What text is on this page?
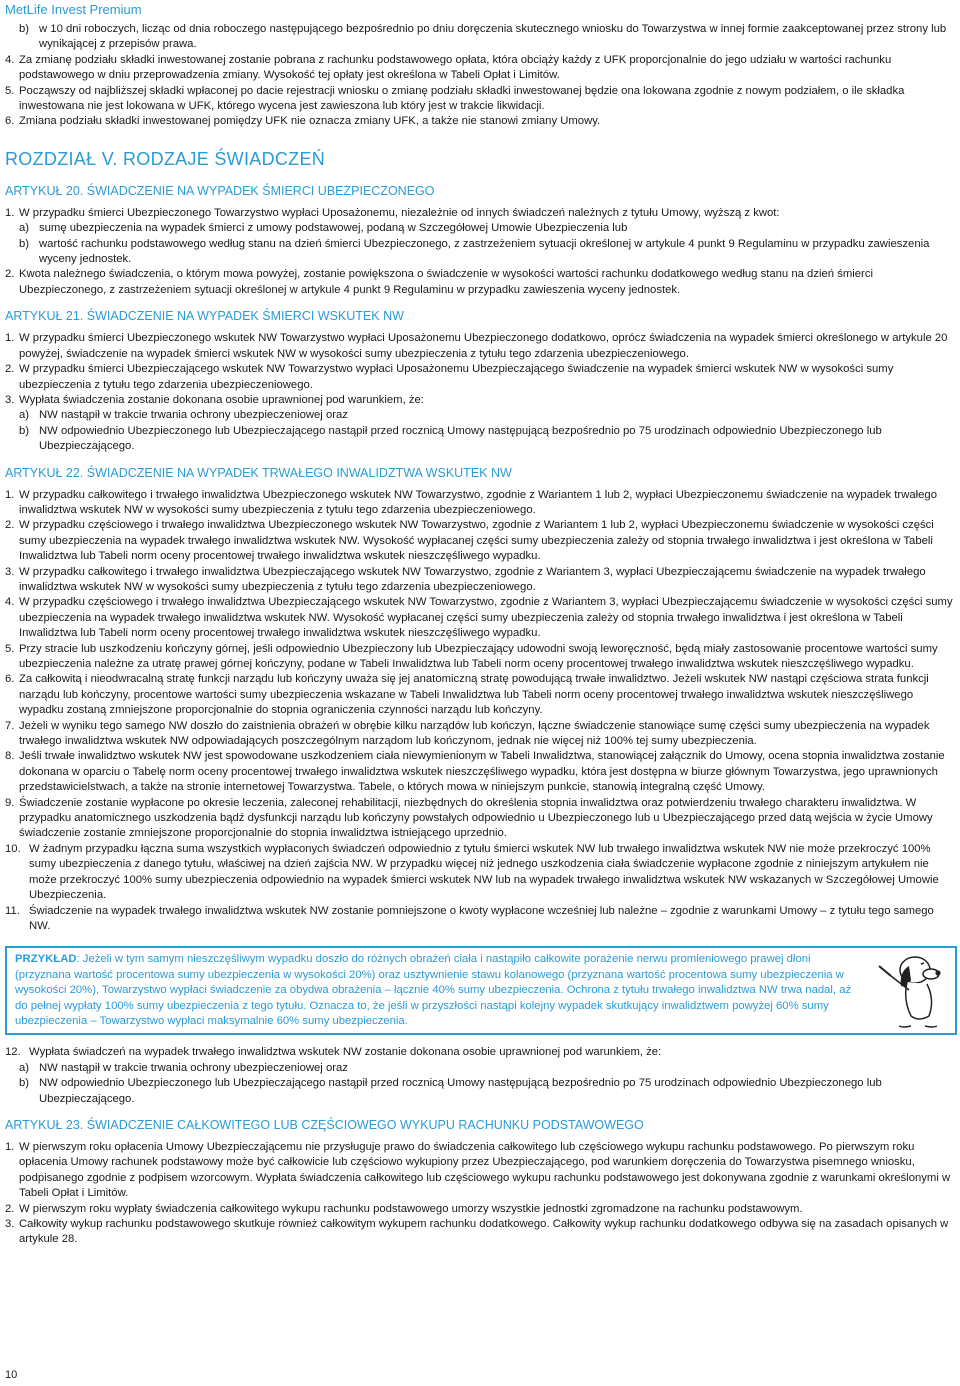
MetLife Invest Premium
b) w 10 dni roboczych, licząc od dnia roboczego następującego bezpośrednio po dniu doręczenia skutecznego wniosku do Towarzystwa w innej formie zaakceptowanej przez strony lub wynikającej z przepisów prawa.
4. Za zmianę podziału składki inwestowanej zostanie pobrana z rachunku podstawowego opłata, która obciąży każdy z UFK proporcjonalnie do jego udziału w wartości rachunku podstawowego w dniu przeprowadzenia zmiany. Wysokość tej opłaty jest określona w Tabeli Opłat i Limitów.
5. Począwszy od najbliższej składki wpłaconej po dacie rejestracji wniosku o zmianę podziału składki inwestowanej będzie ona lokowana zgodnie z nowym podziałem, o ile składka inwestowana nie jest lokowana w UFK, którego wycena jest zawieszona lub który jest w trakcie likwidacji.
6. Zmiana podziału składki inwestowanej pomiędzy UFK nie oznacza zmiany UFK, a także nie stanowi zmiany Umowy.
ROZDZIAŁ V. RODZAJE ŚWIADCZEŃ
ARTYKUŁ 20. ŚWIADCZENIE NA WYPADEK ŚMIERCI UBEZPIECZONEGO
1. W przypadku śmierci Ubezpieczonego Towarzystwo wypłaci Uposażonemu, niezależnie od innych świadczeń należnych z tytułu Umowy, wyższą z kwot:
a) sumę ubezpieczenia na wypadek śmierci z umowy podstawowej, podaną w Szczegółowej Umowie Ubezpieczenia lub
b) wartość rachunku podstawowego według stanu na dzień śmierci Ubezpieczonego, z zastrzeżeniem sytuacji określonej w artykule 4 punkt 9 Regulaminu w przypadku zawieszenia wyceny jednostek.
2. Kwota należnego świadczenia, o którym mowa powyżej, zostanie powiększona o świadczenie w wysokości wartości rachunku dodatkowego według stanu na dzień śmierci Ubezpieczonego, z zastrzeżeniem sytuacji określonej w artykule 4 punkt 9 Regulaminu w przypadku zawieszenia wyceny jednostek.
ARTYKUŁ 21. ŚWIADCZENIE NA WYPADEK ŚMIERCI WSKUTEK NW
1. W przypadku śmierci Ubezpieczonego wskutek NW Towarzystwo wypłaci Uposażonemu Ubezpieczonego dodatkowo, oprócz świadczenia na wypadek śmierci określonego w artykule 20 powyżej, świadczenie na wypadek śmierci wskutek NW w wysokości sumy ubezpieczenia z tytułu tego zdarzenia ubezpieczeniowego.
2. W przypadku śmierci Ubezpieczającego wskutek NW Towarzystwo wypłaci Uposażonemu Ubezpieczającego świadczenie na wypadek śmierci wskutek NW w wysokości sumy ubezpieczenia z tytułu tego zdarzenia ubezpieczeniowego.
3. Wypłata świadczenia zostanie dokonana osobie uprawnionej pod warunkiem, że:
a) NW nastąpił w trakcie trwania ochrony ubezpieczeniowej oraz
b) NW odpowiednio Ubezpieczonego lub Ubezpieczającego nastąpił przed rocznicą Umowy następującą bezpośrednio po 75 urodzinach odpowiednio Ubezpieczonego lub Ubezpieczającego.
ARTYKUŁ 22. ŚWIADCZENIE NA WYPADEK TRWAŁEGO INWALIDZTWA WSKUTEK NW
1. W przypadku całkowitego i trwałego inwalidztwa Ubezpieczonego wskutek NW Towarzystwo, zgodnie z Wariantem 1 lub 2, wypłaci Ubezpieczonemu świadczenie na wypadek trwałego inwalidztwa wskutek NW w wysokości sumy ubezpieczenia z tytułu tego zdarzenia ubezpieczeniowego.
2. W przypadku częściowego i trwałego inwalidztwa Ubezpieczonego wskutek NW Towarzystwo, zgodnie z Wariantem 1 lub 2, wypłaci Ubezpieczonemu świadczenie w wysokości części sumy ubezpieczenia na wypadek trwałego inwalidztwa wskutek NW. Wysokość wypłacanej części sumy ubezpieczenia zależy od stopnia trwałego inwalidztwa i jest określona w Tabeli Inwalidztwa lub Tabeli norm oceny procentowej trwałego inwalidztwa wskutek nieszczęśliwego wypadku.
3. W przypadku całkowitego i trwałego inwalidztwa Ubezpieczającego wskutek NW Towarzystwo, zgodnie z Wariantem 3, wypłaci Ubezpieczającemu świadczenie na wypadek trwałego inwalidztwa wskutek NW w wysokości sumy ubezpieczenia z tytułu tego zdarzenia ubezpieczeniowego.
4. W przypadku częściowego i trwałego inwalidztwa Ubezpieczającego wskutek NW Towarzystwo, zgodnie z Wariantem 3, wypłaci Ubezpieczającemu świadczenie w wysokości części sumy ubezpieczenia na wypadek trwałego inwalidztwa wskutek NW. Wysokość wypłacanej części sumy ubezpieczenia zależy od stopnia trwałego inwalidztwa i jest określona w Tabeli Inwalidztwa lub Tabeli norm oceny procentowej trwałego inwalidztwa wskutek nieszczęśliwego wypadku.
5. Przy stracie lub uszkodzeniu kończyny górnej, jeśli odpowiednio Ubezpieczony lub Ubezpieczający udowodni swoją leworęczność, będą miały zastosowanie procentowe wartości sumy ubezpieczenia należne za utratę prawej górnej kończyny, podane w Tabeli Inwalidztwa lub Tabeli norm oceny procentowej trwałego inwalidztwa wskutek nieszczęśliwego wypadku.
6. Za całkowitą i nieodwracalną stratę funkcji narządu lub kończyny uważa się jej anatomiczną stratę powodującą trwałe inwalidztwo. Jeżeli wskutek NW nastąpi częściowa strata funkcji narządu lub kończyny, procentowe wartości sumy ubezpieczenia wskazane w Tabeli Inwalidztwa lub Tabeli norm oceny procentowej trwałego inwalidztwa wskutek nieszczęśliwego wypadku zostaną zmniejszone proporcjonalnie do stopnia ograniczenia czynności narządu lub kończyny.
7. Jeżeli w wyniku tego samego NW doszło do zaistnienia obrażeń w obrębie kilku narządów lub kończyn, łączne świadczenie stanowiące sumę części sumy ubezpieczenia na wypadek trwałego inwalidztwa wskutek NW odpowiadających poszczególnym narządom lub kończynom, jednak nie więcej niż 100% tej sumy ubezpieczenia.
8. Jeśli trwałe inwalidztwo wskutek NW jest spowodowane uszkodzeniem ciała niewymienionym w Tabeli Inwalidztwa, stanowiącej załącznik do Umowy, ocena stopnia inwalidztwa zostanie dokonana w oparciu o Tabelę norm oceny procentowej trwałego inwalidztwa wskutek nieszczęśliwego wypadku, która jest dostępna w biurze głównym Towarzystwa, jego uprawnionych przedstawicielstwach, a także na stronie internetowej Towarzystwa. Tabele, o których mowa w niniejszym punkcie, stanowią integralną część Umowy.
9. Świadczenie zostanie wypłacone po okresie leczenia, zaleconej rehabilitacji, niezbędnych do określenia stopnia inwalidztwa oraz potwierdzeniu trwałego charakteru inwalidztwa. W przypadku anatomicznego uszkodzenia bądź dysfunkcji narządu lub kończyny powstałych odpowiednio u Ubezpieczonego lub u Ubezpieczającego przed datą wejścia w życie Umowy świadczenie zostanie zmniejszone proporcjonalnie do stopnia inwalidztwa istniejącego uprzednio.
10. W żadnym przypadku łączna suma wszystkich wypłaconych świadczeń odpowiednio z tytułu śmierci wskutek NW lub trwałego inwalidztwa wskutek NW nie może przekroczyć 100% sumy ubezpieczenia z danego tytułu, właściwej na dzień zajścia NW. W przypadku więcej niż jednego uszkodzenia ciała świadczenie wypłacone zgodnie z niniejszym artykułem nie może przekroczyć 100% sumy ubezpieczenia odpowiednio na wypadek śmierci wskutek NW lub na wypadek trwałego inwalidztwa wskutek NW wskazanych w Szczegółowej Umowie Ubezpieczenia.
11. Świadczenie na wypadek trwałego inwalidztwa wskutek NW zostanie pomniejszone o kwoty wypłacone wcześniej lub należne – zgodnie z warunkami Umowy – z tytułu tego samego NW.
PRZYKŁAD: Jeżeli w tym samym nieszczęśliwym wypadku doszło do różnych obrażeń ciała i nastąpiło całkowite porażenie nerwu promieniowego prawej dłoni (przyznana wartość procentowa sumy ubezpieczenia w wysokości 20%) oraz usztywnienie stawu kolanowego (przyznana wartość procentowa sumy ubezpieczenia w wysokości 20%), Towarzystwo wypłaci świadczenie za obydwa obrażenia – łącznie 40% sumy ubezpieczenia. Ochrona z tytułu trwałego inwalidztwa NW trwa nadal, aż do pełnej wypłaty 100% sumy ubezpieczenia z tego tytułu. Oznacza to, że jeśli w przyszłości nastąpi kolejny wypadek skutkujący inwalidztwem powyżej 60% sumy ubezpieczenia – Towarzystwo wypłaci maksymalnie 60% sumy ubezpieczenia.
12. Wypłata świadczeń na wypadek trwałego inwalidztwa wskutek NW zostanie dokonana osobie uprawnionej pod warunkiem, że:
a) NW nastąpił w trakcie trwania ochrony ubezpieczeniowej oraz
b) NW odpowiednio Ubezpieczonego lub Ubezpieczającego nastąpił przed rocznicą Umowy następującą bezpośrednio po 75 urodzinach odpowiednio Ubezpieczonego lub Ubezpieczającego.
ARTYKUŁ 23. ŚWIADCZENIE CAŁKOWITEGO LUB CZĘŚCIOWEGO WYKUPU RACHUNKU PODSTAWOWEGO
1. W pierwszym roku opłacenia Umowy Ubezpieczającemu nie przysługuje prawo do świadczenia całkowitego lub częściowego wykupu rachunku podstawowego. Po pierwszym roku opłacenia Umowy rachunek podstawowy może być całkowicie lub częściowo wykupiony przez Ubezpieczającego, pod warunkiem doręczenia do Towarzystwa pisemnego wniosku, podpisanego zgodnie z podpisem wzorcowym. Wypłata świadczenia całkowitego lub częściowego wykupu rachunku podstawowego jest dokonywana zgodnie z warunkami określonymi w Tabeli Opłat i Limitów.
2. W pierwszym roku wypłaty świadczenia całkowitego wykupu rachunku podstawowego umorzy wszystkie jednostki zgromadzone na rachunku podstawowym.
3. Całkowity wykup rachunku podstawowego skutkuje również całkowitym wykupem rachunku dodatkowego. Całkowity wykup rachunku dodatkowego odbywa się na zasadach opisanych w artykule 28.
10
